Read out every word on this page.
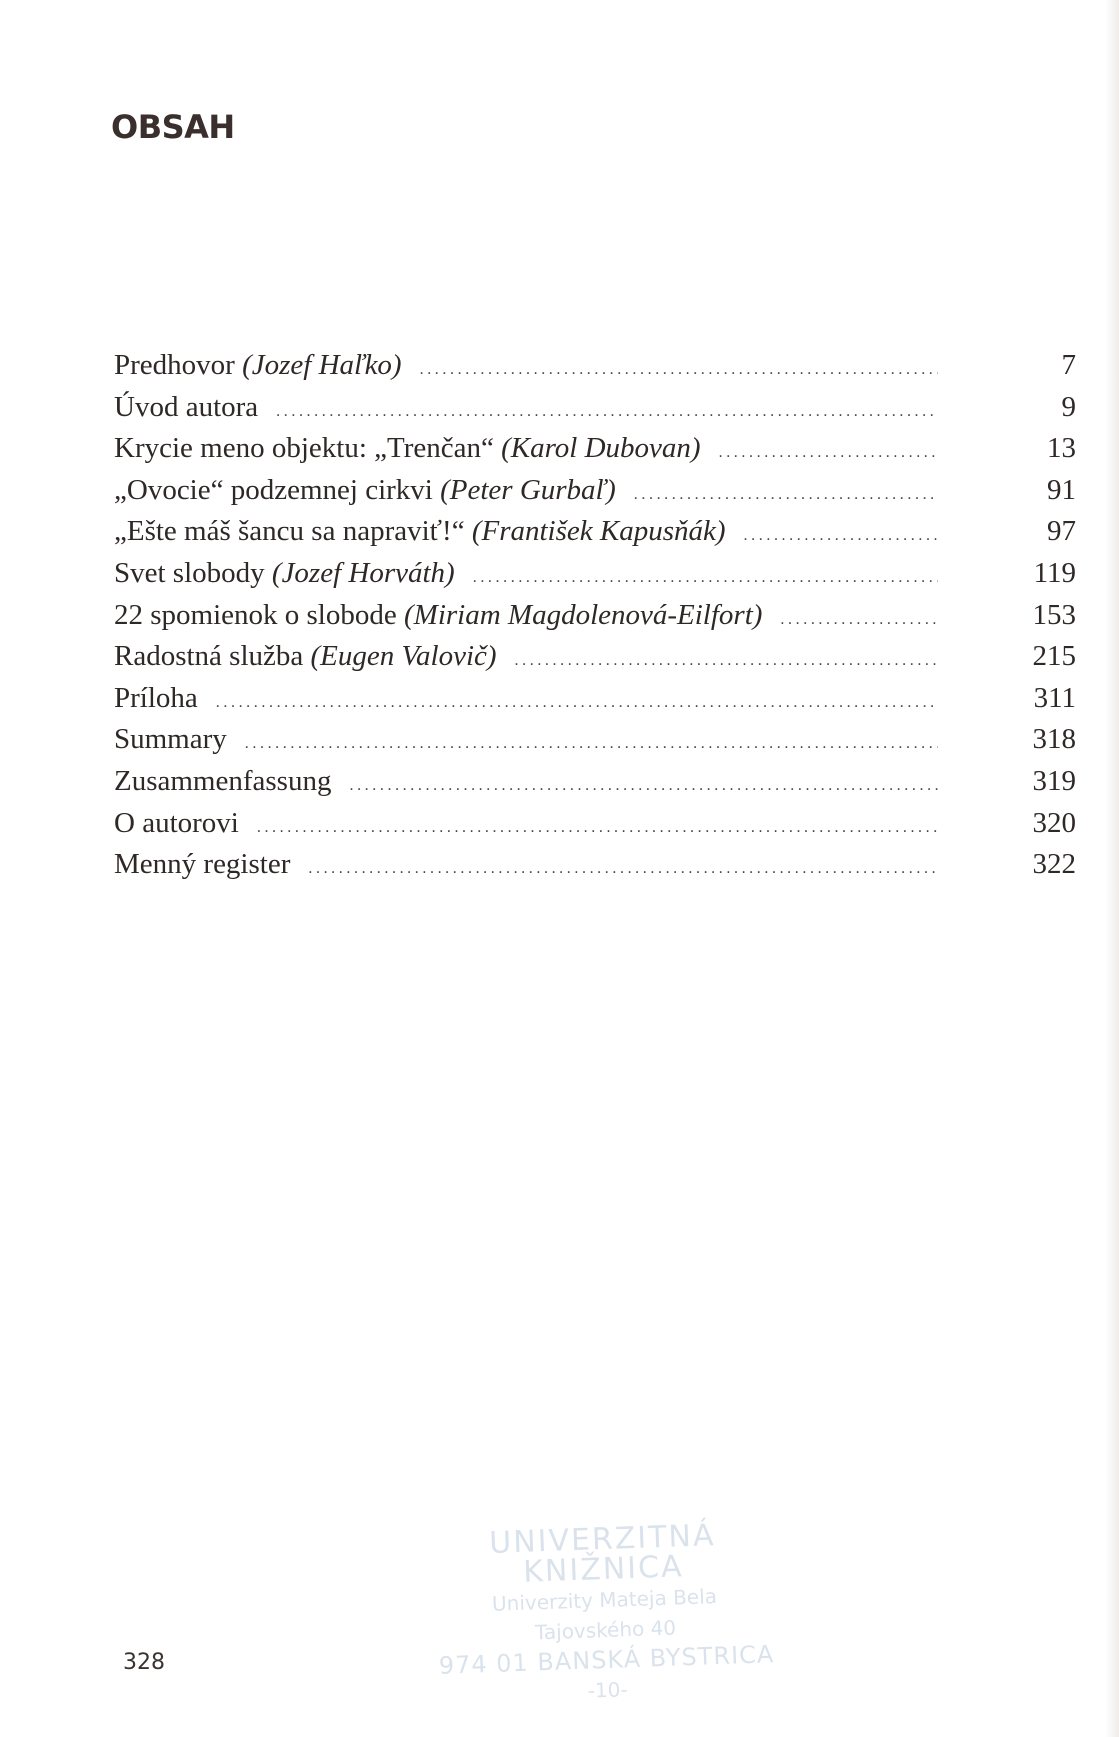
OBSAH
Predhovor (Jozef Haľko) . . .	7
Úvod autora . . .	9
Krycie meno objektu: „Trenčan“ (Karol Dubovan) . . .	13
„Ovocie“ podzemnej cirkvi (Peter Gurbaľ) . . .	91
„Ešte máš šancu sa napraviť!“ (František Kapusňák) . . .	97
Svet slobody (Jozef Horváth) . . .	119
22 spomienok o slobode (Miriam Magdolenová-Eilfort) . . .	153
Radostná služba (Eugen Valovič) . . .	215
Príloha . . .	311
Summary . . .	318
Zusammenfassung . . .	319
O autorovi . . .	320
Menný register . . .	322
UNIVERZITNÁ KNIŽNICA
Univerzity Mateja Bela
Tajovského 40
974 01 BANSKÁ BYSTRICA
-10-
328
